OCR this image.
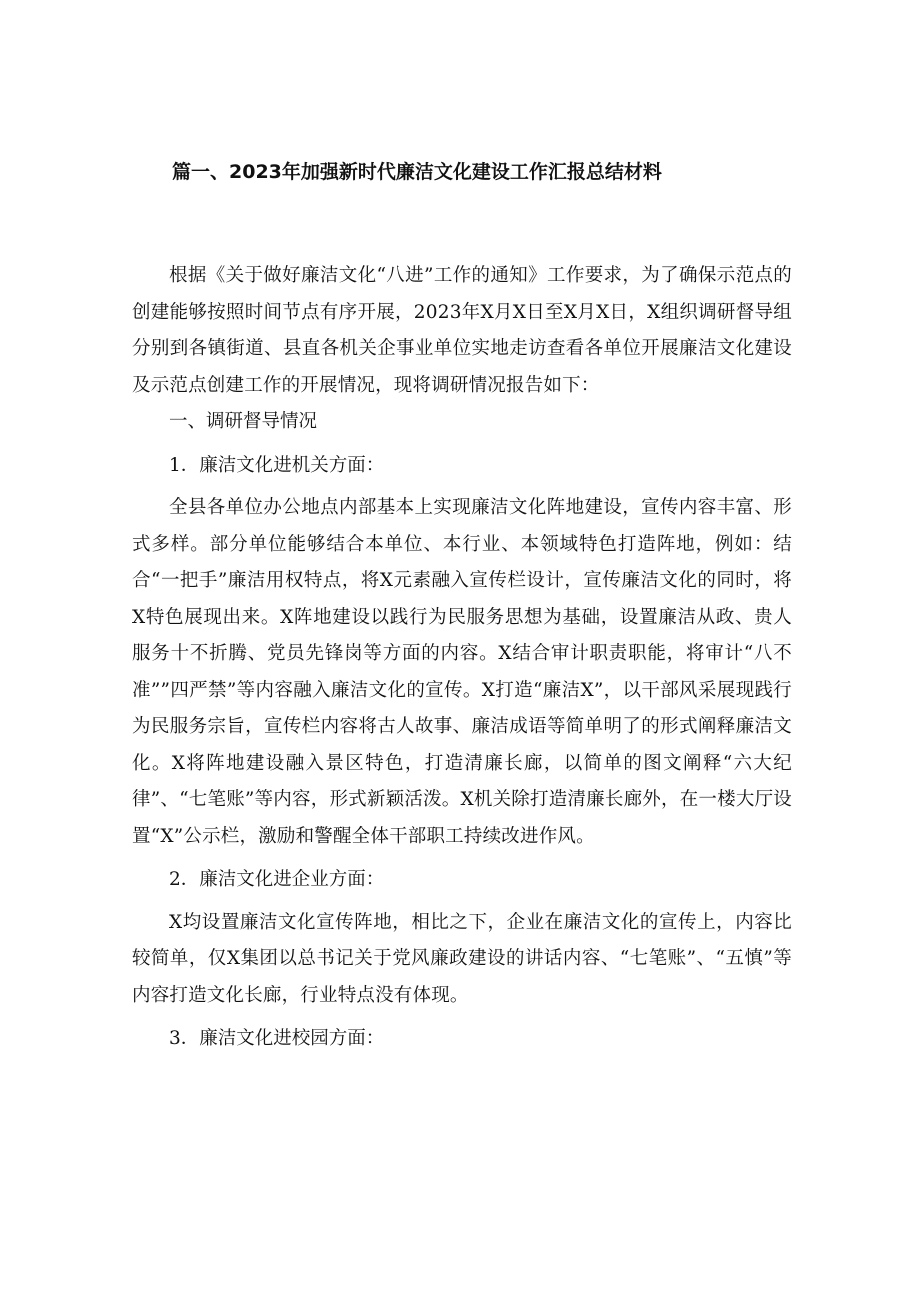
篇一、2023年加强新时代廉洁文化建设工作汇报总结材料

根据《关于做好廉洁文化“八进”工作的通知》工作要求，为了确保示范点的创建能够按照时间节点有序开展，2023年X月X日至X月X日，X组织调研督导组分别到各镇街道、县直各机关企事业单位实地走访查看各单位开展廉洁文化建设及示范点创建工作的开展情况，现将调研情况报告如下：

一、调研督导情况

1．廉洁文化进机关方面：

全县各单位办公地点内部基本上实现廉洁文化阵地建设，宣传内容丰富、形式多样。部分单位能够结合本单位、本行业、本领域特色打造阵地，例如：结合“一把手”廉洁用权特点，将X元素融入宣传栏设计，宣传廉洁文化的同时，将X特色展现出来。X阵地建设以践行为民服务思想为基础，设置廉洁从政、贵人服务十不折腾、党员先锋岗等方面的内容。X结合审计职责职能，将审计“八不准””四严禁”等内容融入廉洁文化的宣传。X打造“廉洁X”，以干部风采展现践行为民服务宗旨，宣传栏内容将古人故事、廉洁成语等简单明了的形式阐释廉洁文化。X将阵地建设融入景区特色，打造清廉长廊，以简单的图文阐释“六大纪律”、“七笔账”等内容，形式新颖活泼。X机关除打造清廉长廊外，在一楼大厅设置“X”公示栏，激励和警醒全体干部职工持续改进作风。

2．廉洁文化进企业方面：

X均设置廉洁文化宣传阵地，相比之下，企业在廉洁文化的宣传上，内容比较简单，仅X集团以总书记关于党风廉政建设的讲话内容、“七笔账”、“五慎”等内容打造文化长廊，行业特点没有体现。

3．廉洁文化进校园方面：
